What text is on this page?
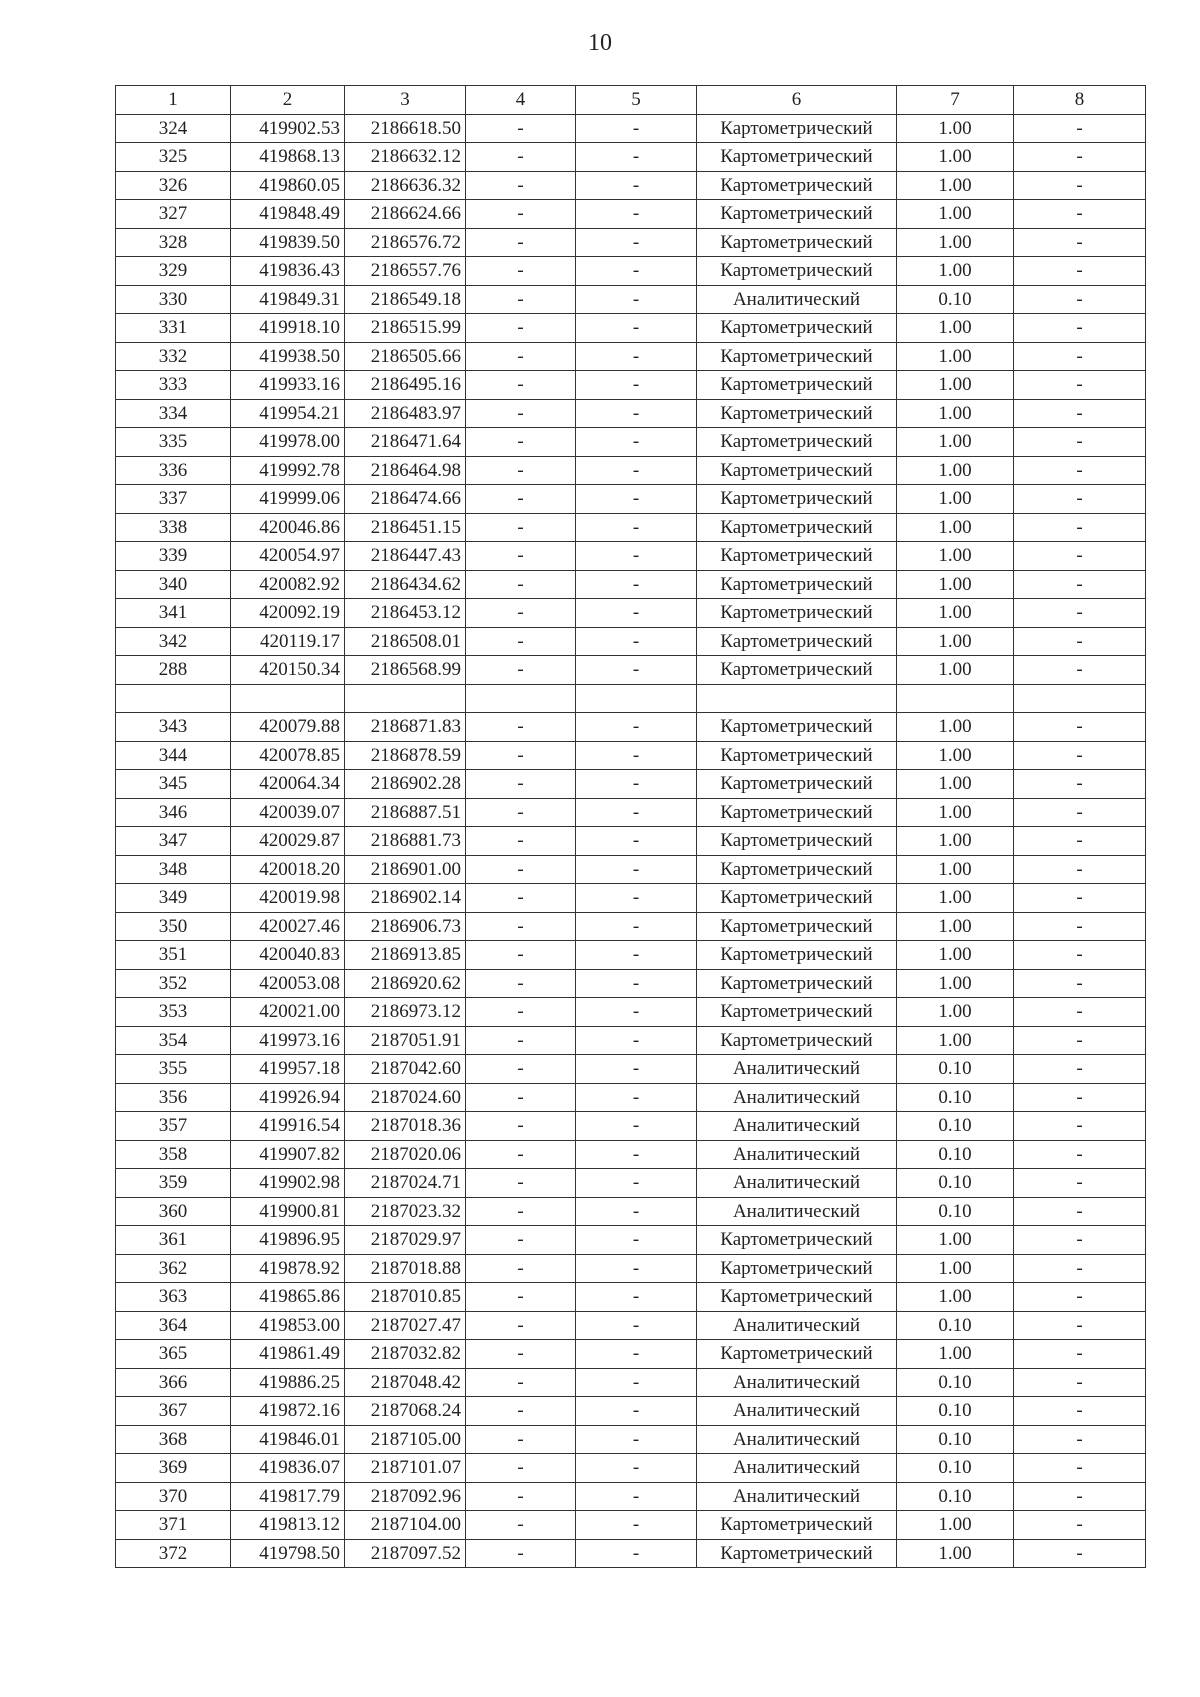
10
1	2	3	4	5	6	7	8
324	419902.53	2186618.50	-	-	Картометрический	1.00	-
325	419868.13	2186632.12	-	-	Картометрический	1.00	-
326	419860.05	2186636.32	-	-	Картометрический	1.00	-
327	419848.49	2186624.66	-	-	Картометрический	1.00	-
328	419839.50	2186576.72	-	-	Картометрический	1.00	-
329	419836.43	2186557.76	-	-	Картометрический	1.00	-
330	419849.31	2186549.18	-	-	Аналитический	0.10	-
331	419918.10	2186515.99	-	-	Картометрический	1.00	-
332	419938.50	2186505.66	-	-	Картометрический	1.00	-
333	419933.16	2186495.16	-	-	Картометрический	1.00	-
334	419954.21	2186483.97	-	-	Картометрический	1.00	-
335	419978.00	2186471.64	-	-	Картометрический	1.00	-
336	419992.78	2186464.98	-	-	Картометрический	1.00	-
337	419999.06	2186474.66	-	-	Картометрический	1.00	-
338	420046.86	2186451.15	-	-	Картометрический	1.00	-
339	420054.97	2186447.43	-	-	Картометрический	1.00	-
340	420082.92	2186434.62	-	-	Картометрический	1.00	-
341	420092.19	2186453.12	-	-	Картометрический	1.00	-
342	420119.17	2186508.01	-	-	Картометрический	1.00	-
288	420150.34	2186568.99	-	-	Картометрический	1.00	-

343	420079.88	2186871.83	-	-	Картометрический	1.00	-
344	420078.85	2186878.59	-	-	Картометрический	1.00	-
345	420064.34	2186902.28	-	-	Картометрический	1.00	-
346	420039.07	2186887.51	-	-	Картометрический	1.00	-
347	420029.87	2186881.73	-	-	Картометрический	1.00	-
348	420018.20	2186901.00	-	-	Картометрический	1.00	-
349	420019.98	2186902.14	-	-	Картометрический	1.00	-
350	420027.46	2186906.73	-	-	Картометрический	1.00	-
351	420040.83	2186913.85	-	-	Картометрический	1.00	-
352	420053.08	2186920.62	-	-	Картометрический	1.00	-
353	420021.00	2186973.12	-	-	Картометрический	1.00	-
354	419973.16	2187051.91	-	-	Картометрический	1.00	-
355	419957.18	2187042.60	-	-	Аналитический	0.10	-
356	419926.94	2187024.60	-	-	Аналитический	0.10	-
357	419916.54	2187018.36	-	-	Аналитический	0.10	-
358	419907.82	2187020.06	-	-	Аналитический	0.10	-
359	419902.98	2187024.71	-	-	Аналитический	0.10	-
360	419900.81	2187023.32	-	-	Аналитический	0.10	-
361	419896.95	2187029.97	-	-	Картометрический	1.00	-
362	419878.92	2187018.88	-	-	Картометрический	1.00	-
363	419865.86	2187010.85	-	-	Картометрический	1.00	-
364	419853.00	2187027.47	-	-	Аналитический	0.10	-
365	419861.49	2187032.82	-	-	Картометрический	1.00	-
366	419886.25	2187048.42	-	-	Аналитический	0.10	-
367	419872.16	2187068.24	-	-	Аналитический	0.10	-
368	419846.01	2187105.00	-	-	Аналитический	0.10	-
369	419836.07	2187101.07	-	-	Аналитический	0.10	-
370	419817.79	2187092.96	-	-	Аналитический	0.10	-
371	419813.12	2187104.00	-	-	Картометрический	1.00	-
372	419798.50	2187097.52	-	-	Картометрический	1.00	-
